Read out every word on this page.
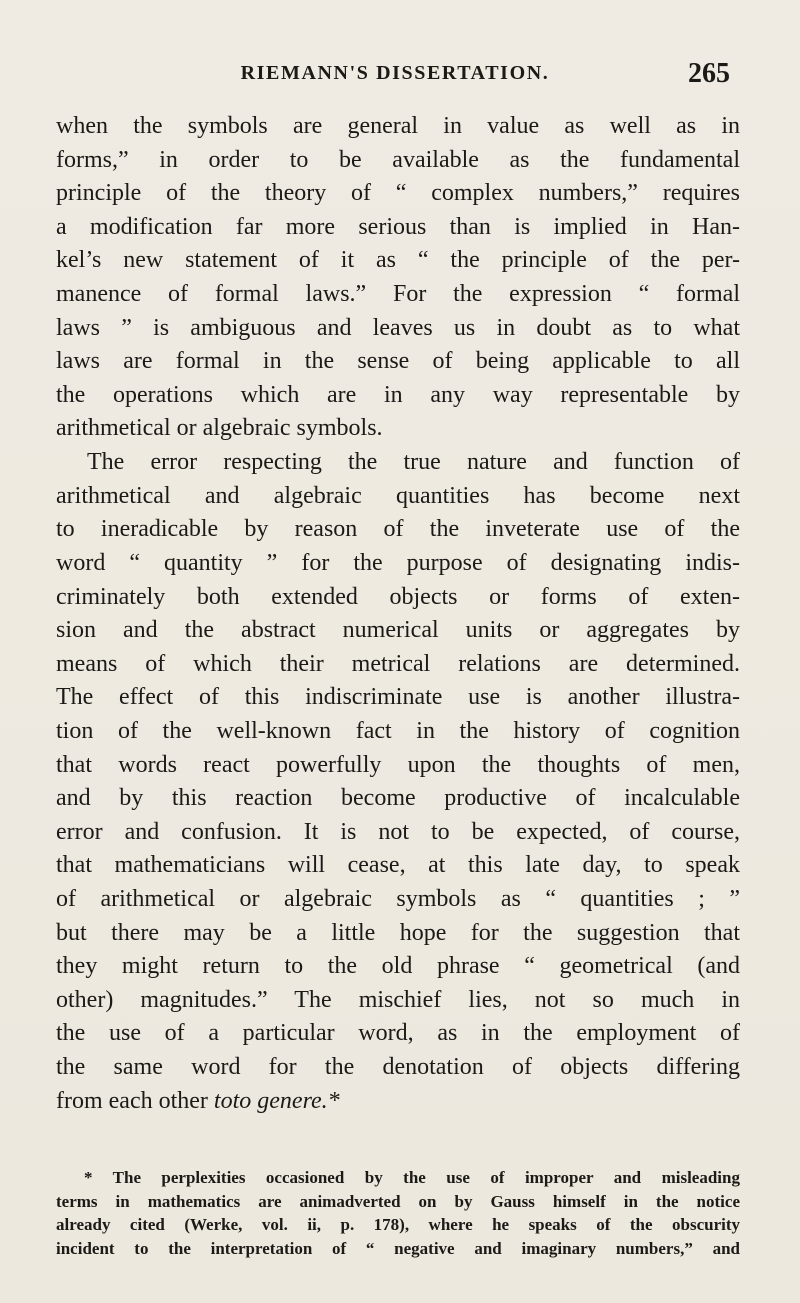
RIEMANN'S DISSERTATION.	265
when the symbols are general in value as well as in
forms,” in order to be available as the fundamental
principle of the theory of “ complex numbers,” requires
a modification far more serious than is implied in Han-
kel’s new statement of it as “ the principle of the per-
manence of formal laws.” For the expression “ formal
laws ” is ambiguous and leaves us in doubt as to what
laws are formal in the sense of being applicable to all
the operations which are in any way representable by
arithmetical or algebraic symbols.
The error respecting the true nature and function of
arithmetical and algebraic quantities has become next
to ineradicable by reason of the inveterate use of the
word “ quantity ” for the purpose of designating indis-
criminately both extended objects or forms of exten-
sion and the abstract numerical units or aggregates by
means of which their metrical relations are determined.
The effect of this indiscriminate use is another illustra-
tion of the well-known fact in the history of cognition
that words react powerfully upon the thoughts of men,
and by this reaction become productive of incalculable
error and confusion. It is not to be expected, of course,
that mathematicians will cease, at this late day, to speak
of arithmetical or algebraic symbols as “ quantities ; ”
but there may be a little hope for the suggestion that
they might return to the old phrase “ geometrical (and
other) magnitudes.” The mischief lies, not so much in
the use of a particular word, as in the employment of
the same word for the denotation of objects differing
from each other toto genere.*
* The perplexities occasioned by the use of improper and misleading
terms in mathematics are animadverted on by Gauss himself in the notice
already cited (Werke, vol. ii, p. 178), where he speaks of the obscurity
incident to the interpretation of “ negative and imaginary numbers,” and
